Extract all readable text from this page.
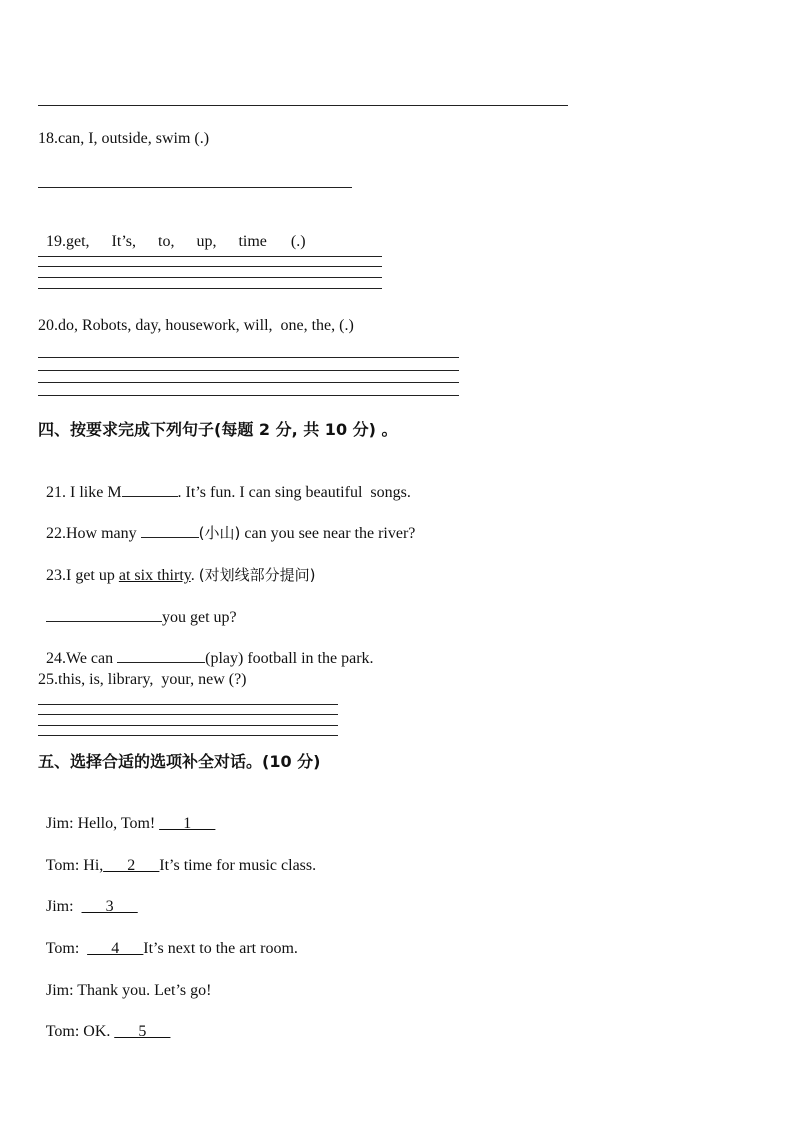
18.can, I, outside, swim (.)

19.get, It’s, to, up, time (.)

20.do, Robots, day, housework, will,  one, the, (.)
四、按要求完成下列句子(每题 2 分, 共 10 分) 。

21. I like M	. It’s fun. I can sing beautiful  songs.

22.How many	(小山) can you see near the river?

23.I get up at six thirty. (对划线部分提问)

you get up?

24.We can	(play) football in the park.

25.this, is, library,  your, new (?)
五、选择合适的选项补全对话。(10 分)

Jim: Hello, Tom! ___1___

Tom: Hi,___2___It’s time for music class.

Jim: ___3___

Tom: ___4___It’s next to the art room.

Jim: Thank you. Let’s go!

Tom: OK. ___5___
